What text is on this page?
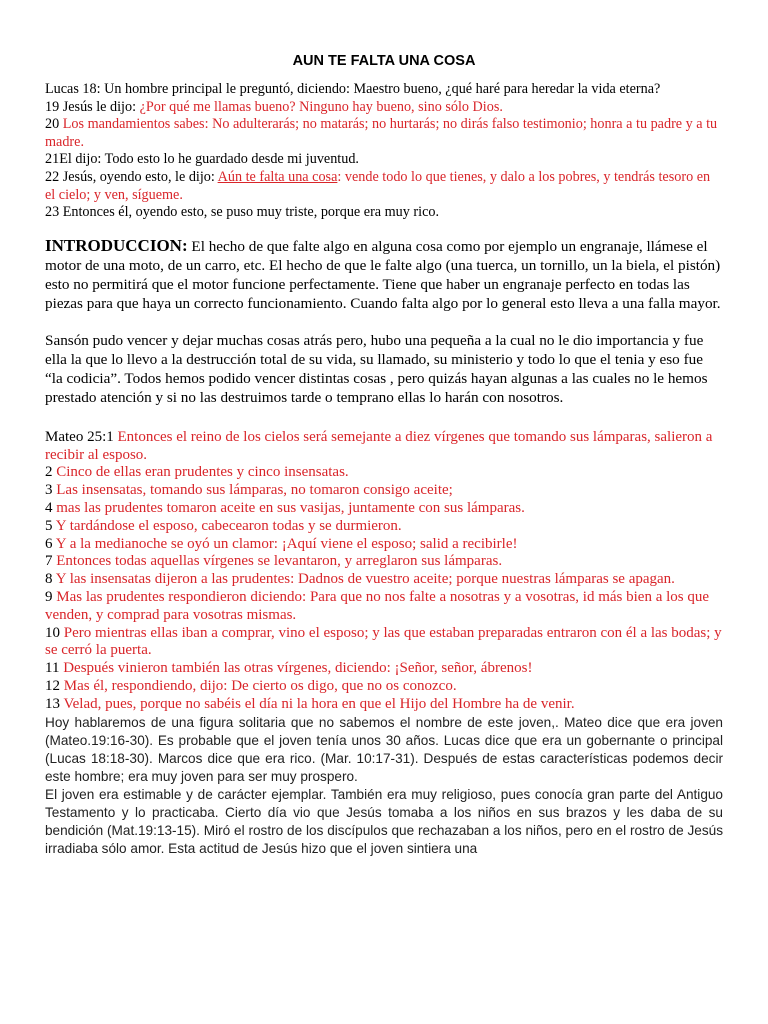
AUN TE FALTA UNA COSA

Lucas 18: Un hombre principal le preguntó, diciendo: Maestro bueno, ¿qué haré para heredar la vida eterna?

19 Jesús le dijo: ¿Por qué me llamas bueno? Ninguno hay bueno, sino sólo Dios.

20 Los mandamientos sabes: No adulterarás; no matarás; no hurtarás; no dirás falso testimonio; honra a tu padre y a tu madre.

21El dijo: Todo esto lo he guardado desde mi juventud.

22 Jesús, oyendo esto, le dijo: Aún te falta una cosa: vende todo lo que tienes, y dalo a los pobres, y tendrás tesoro en el cielo; y ven, sígueme.

23 Entonces él, oyendo esto, se puso muy triste, porque era muy rico.

INTRODUCCION: El hecho de que falte algo en alguna cosa como por ejemplo un engranaje, llámese el motor de una moto, de un carro, etc. El hecho de que le falte algo (una tuerca, un tornillo, un la biela, el pistón) esto no permitirá que el motor funcione perfectamente. Tiene que haber un engranaje perfecto en todas las piezas para que haya un correcto funcionamiento. Cuando falta algo por lo general esto lleva a una falla mayor.
Sansón pudo vencer y dejar muchas cosas atrás pero, hubo una pequeña a la cual no le dio importancia y fue ella la que lo llevo a la destrucción total de su vida, su llamado, su ministerio y todo lo que el tenia y eso fue “la codicia”. Todos hemos podido vencer distintas cosas , pero quizás hayan algunas a las cuales no le hemos prestado atención y si no las destruimos tarde o temprano ellas lo harán con nosotros.
Mateo 25:1 Entonces el reino de los cielos será semejante a diez vírgenes que tomando sus lámparas, salieron a recibir al esposo.
2 Cinco de ellas eran prudentes y cinco insensatas.
3 Las insensatas, tomando sus lámparas, no tomaron consigo aceite;
4 mas las prudentes tomaron aceite en sus vasijas, juntamente con sus lámparas.
5 Y tardándose el esposo, cabecearon todas y se durmieron.
6 Y a la medianoche se oyó un clamor: ¡Aquí viene el esposo; salid a recibirle!
7 Entonces todas aquellas vírgenes se levantaron, y arreglaron sus lámparas.
8 Y las insensatas dijeron a las prudentes: Dadnos de vuestro aceite; porque nuestras lámparas se apagan.
9 Mas las prudentes respondieron diciendo: Para que no nos falte a nosotras y a vosotras, id más bien a los que venden, y comprad para vosotras mismas.
10 Pero mientras ellas iban a comprar, vino el esposo; y las que estaban preparadas entraron con él a las bodas; y se cerró la puerta.
11 Después vinieron también las otras vírgenes, diciendo: ¡Señor, señor, ábrenos!
12 Mas él, respondiendo, dijo: De cierto os digo, que no os conozco.
13 Velad, pues, porque no sabéis el día ni la hora en que el Hijo del Hombre ha de venir.

Hoy hablaremos de una figura solitaria que no sabemos el nombre de este joven,. Mateo dice que era joven (Mateo.19:16-30). Es probable que el joven tenía unos 30 años. Lucas dice que era un gobernante o principal (Lucas 18:18-30). Marcos dice que era rico. (Mar. 10:17-31). Después de estas características podemos decir este hombre; era muy joven para ser muy prospero.

El joven era estimable y de carácter ejemplar. También era muy religioso, pues conocía gran parte del Antiguo Testamento y lo practicaba. Cierto día vio que Jesús tomaba a los niños en sus brazos y les daba de su bendición (Mat.19:13-15). Miró el rostro de los discípulos que rechazaban a los niños, pero en el rostro de Jesús irradiaba sólo amor. Esta actitud de Jesús hizo que el joven sintiera una
